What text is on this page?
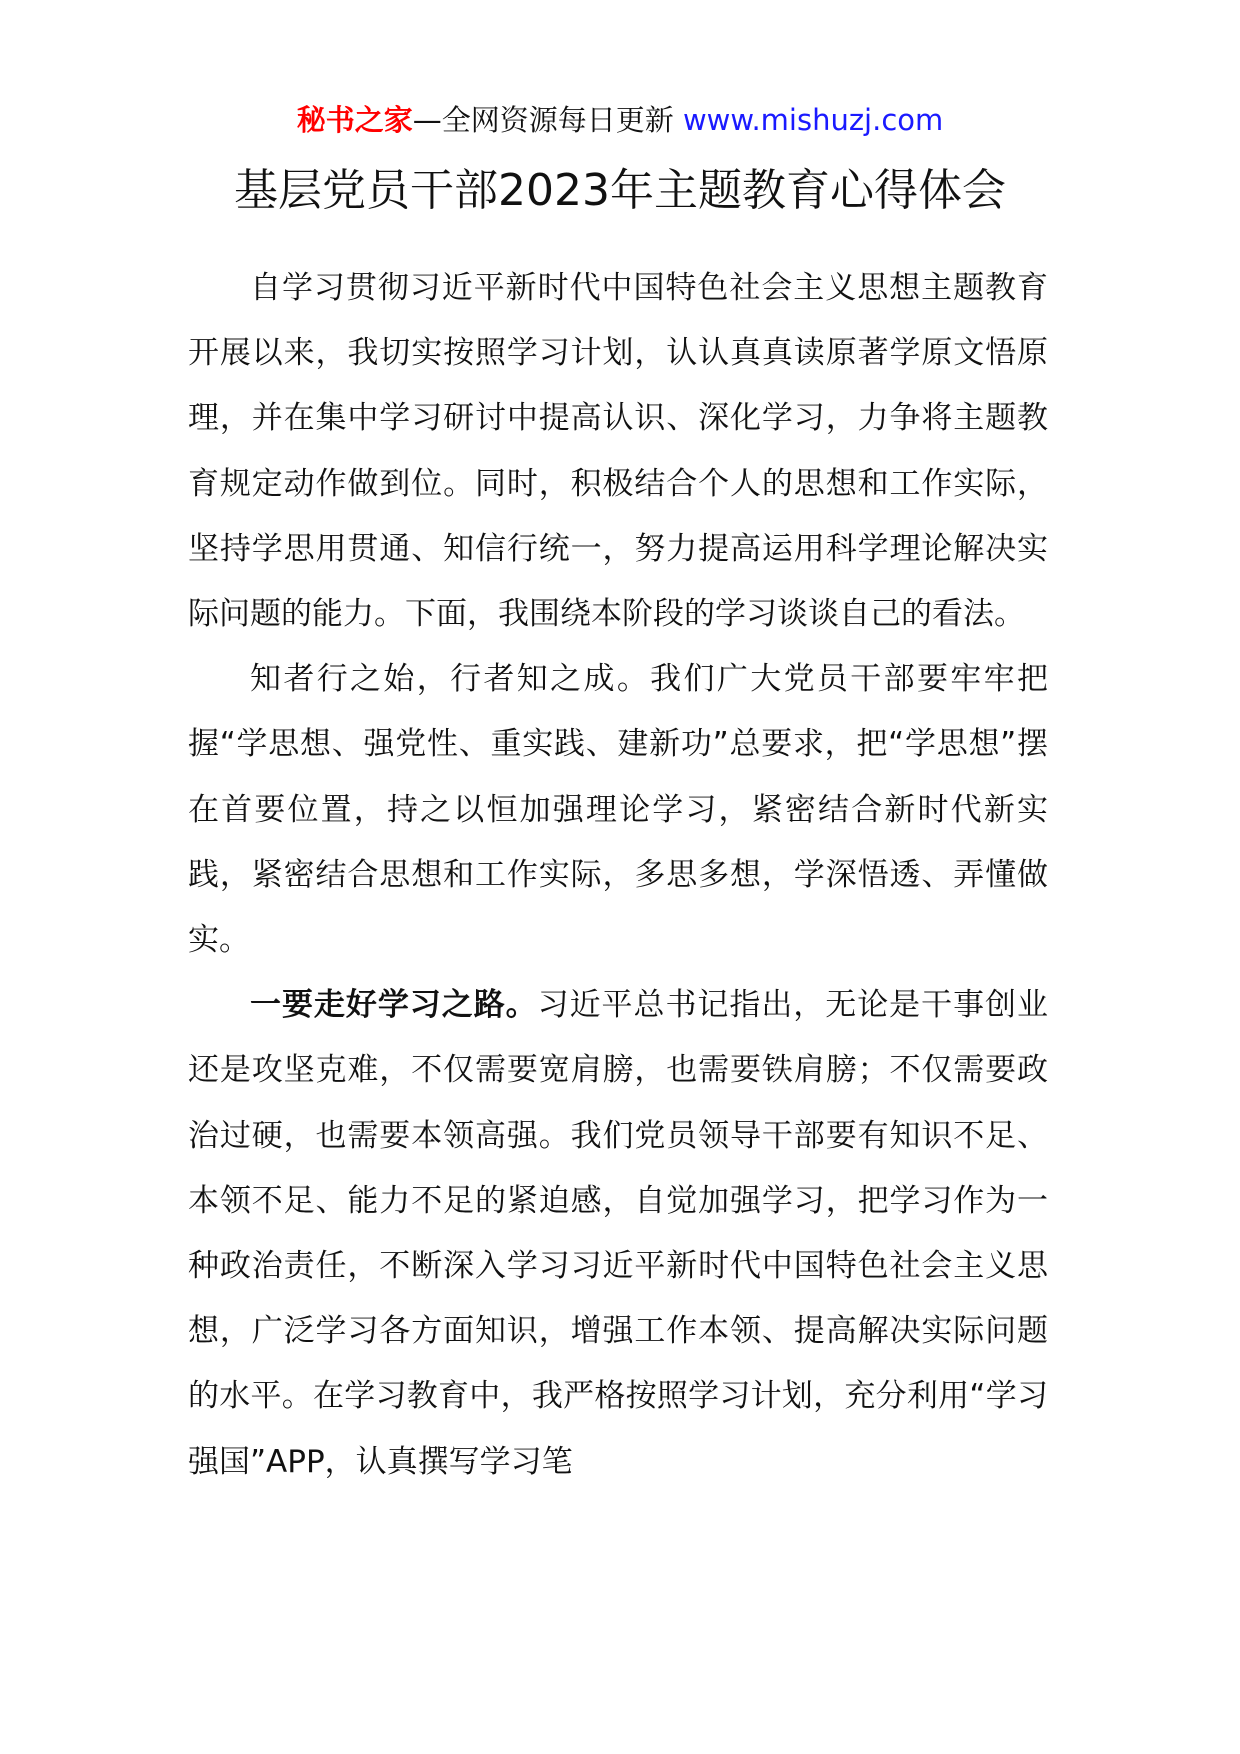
秘书之家—全网资源每日更新 www.mishuzj.com
基层党员干部2023年主题教育心得体会

自学习贯彻习近平新时代中国特色社会主义思想主题教育开展以来，我切实按照学习计划，认认真真读原著学原文悟原理，并在集中学习研讨中提高认识、深化学习，力争将主题教育规定动作做到位。同时，积极结合个人的思想和工作实际，坚持学思用贯通、知信行统一，努力提高运用科学理论解决实际问题的能力。下面，我围绕本阶段的学习谈谈自己的看法。

知者行之始，行者知之成。我们广大党员干部要牢牢把握“学思想、强党性、重实践、建新功”总要求，把“学思想”摆在首要位置，持之以恒加强理论学习，紧密结合新时代新实践，紧密结合思想和工作实际，多思多想，学深悟透、弄懂做实。

一要走好学习之路。习近平总书记指出，无论是干事创业还是攻坚克难，不仅需要宽肩膀，也需要铁肩膀；不仅需要政治过硬，也需要本领高强。我们党员领导干部要有知识不足、本领不足、能力不足的紧迫感，自觉加强学习，把学习作为一种政治责任，不断深入学习习近平新时代中国特色社会主义思想，广泛学习各方面知识，增强工作本领、提高解决实际问题的水平。在学习教育中，我严格按照学习计划，充分利用“学习强国”APP，认真撰写学习笔
